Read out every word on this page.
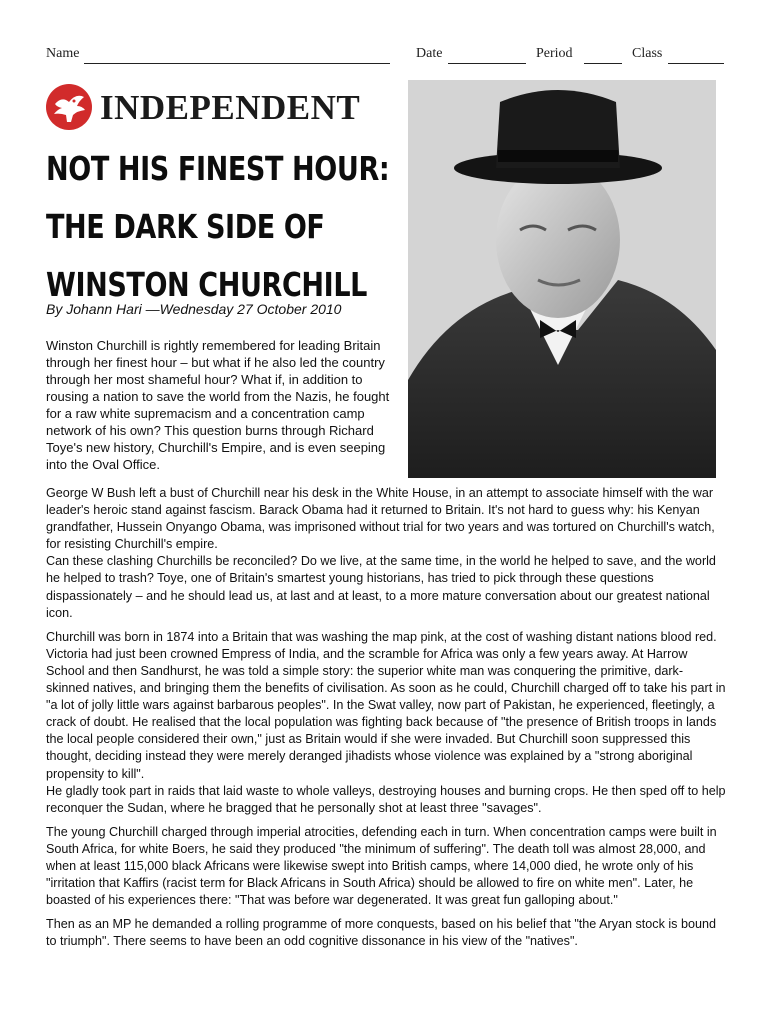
Name	Date	Period	Class
INDEPENDENT
NOT HIS FINEST HOUR:
THE DARK SIDE OF
WINSTON CHURCHILL
By Johann Hari —Wednesday 27 October 2010
Winston Churchill is rightly remembered for leading Britain through her finest hour – but what if he also led the country through her most shameful hour? What if, in addition to rousing a nation to save the world from the Nazis, he fought for a raw white supremacism and a concentration camp network of his own? This question burns through Richard Toye's new history, Churchill's Empire, and is even seeping into the Oval Office.

George W Bush left a bust of Churchill near his desk in the White House, in an attempt to associate himself with the war leader's heroic stand against fascism. Barack Obama had it returned to Britain. It's not hard to guess why: his Kenyan grandfather, Hussein Onyango Obama, was imprisoned without trial for two years and was tortured on Churchill's watch, for resisting Churchill's empire.

Can these clashing Churchills be reconciled? Do we live, at the same time, in the world he helped to save, and the world he helped to trash? Toye, one of Britain's smartest young historians, has tried to pick through these questions dispassionately – and he should lead us, at last and at least, to a more mature conversation about our greatest national icon.

Churchill was born in 1874 into a Britain that was washing the map pink, at the cost of washing distant nations blood red. Victoria had just been crowned Empress of India, and the scramble for Africa was only a few years away. At Harrow School and then Sandhurst, he was told a simple story: the superior white man was conquering the primitive, dark-skinned natives, and bringing them the benefits of civilisation. As soon as he could, Churchill charged off to take his part in "a lot of jolly little wars against barbarous peoples". In the Swat valley, now part of Pakistan, he experienced, fleetingly, a crack of doubt. He realised that the local population was fighting back because of "the presence of British troops in lands the local people considered their own," just as Britain would if she were invaded. But Churchill soon suppressed this thought, deciding instead they were merely deranged jihadists whose violence was explained by a "strong aboriginal propensity to kill".

He gladly took part in raids that laid waste to whole valleys, destroying houses and burning crops. He then sped off to help reconquer the Sudan, where he bragged that he personally shot at least three "savages".

The young Churchill charged through imperial atrocities, defending each in turn. When concentration camps were built in South Africa, for white Boers, he said they produced "the minimum of suffering". The death toll was almost 28,000, and when at least 115,000 black Africans were likewise swept into British camps, where 14,000 died, he wrote only of his "irritation that Kaffirs (racist term for Black Africans in South Africa) should be allowed to fire on white men". Later, he boasted of his experiences there: "That was before war degenerated. It was great fun galloping about."

Then as an MP he demanded a rolling programme of more conquests, based on his belief that "the Aryan stock is bound to triumph". There seems to have been an odd cognitive dissonance in his view of the "natives".
